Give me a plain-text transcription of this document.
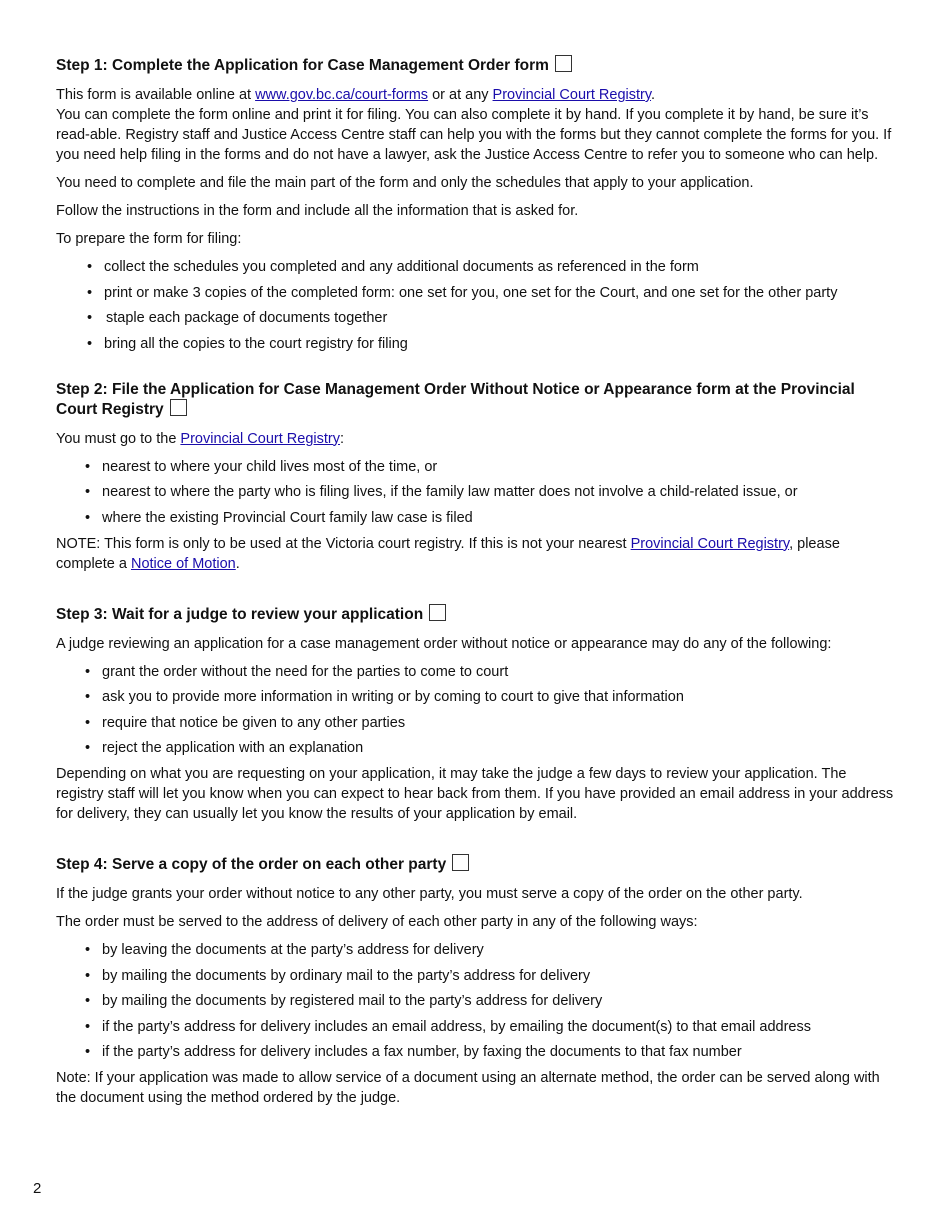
Step 1: Complete the Application for Case Management Order form

This form is available online at www.gov.bc.ca/court-forms or at any Provincial Court Registry.

You can complete the form online and print it for filing. You can also complete it by hand. If you complete it by hand, be sure it’s read-able. Registry staff and Justice Access Centre staff can help you with the forms but they cannot complete the forms for you. If you need help filing in the forms and do not have a lawyer, ask the Justice Access Centre to refer you to someone who can help.

You need to complete and file the main part of the form and only the schedules that apply to your application.

Follow the instructions in the form and include all the information that is asked for.

To prepare the form for filing:

• collect the schedules you completed and any additional documents as referenced in the form
• print or make 3 copies of the completed form: one set for you, one set for the Court, and one set for the other party
• staple each package of documents together
• bring all the copies to the court registry for filing
Step 2: File the Application for Case Management Order Without Notice or Appearance form at the Provincial Court Registry

You must go to the Provincial Court Registry:

• nearest to where your child lives most of the time, or
• nearest to where the party who is filing lives, if the family law matter does not involve a child-related issue, or
• where the existing Provincial Court family law case is filed

NOTE: This form is only to be used at the Victoria court registry. If this is not your nearest Provincial Court Registry, please complete a Notice of Motion.

Step 3: Wait for a judge to review your application

A judge reviewing an application for a case management order without notice or appearance may do any of the following:

• grant the order without the need for the parties to come to court
• ask you to provide more information in writing or by coming to court to give that information
• require that notice be given to any other parties
• reject the application with an explanation

Depending on what you are requesting on your application, it may take the judge a few days to review your application. The registry staff will let you know when you can expect to hear back from them. If you have provided an email address in your address for delivery, they can usually let you know the results of your application by email.

Step 4: Serve a copy of the order on each other party

If the judge grants your order without notice to any other party, you must serve a copy of the order on the other party.

The order must be served to the address of delivery of each other party in any of the following ways:

• by leaving the documents at the party’s address for delivery
• by mailing the documents by ordinary mail to the party’s address for delivery
• by mailing the documents by registered mail to the party’s address for delivery
• if the party’s address for delivery includes an email address, by emailing the document(s) to that email address
• if the party’s address for delivery includes a fax number, by faxing the documents to that fax number

Note: If your application was made to allow service of a document using an alternate method, the order can be served along with the document using the method ordered by the judge.

2
